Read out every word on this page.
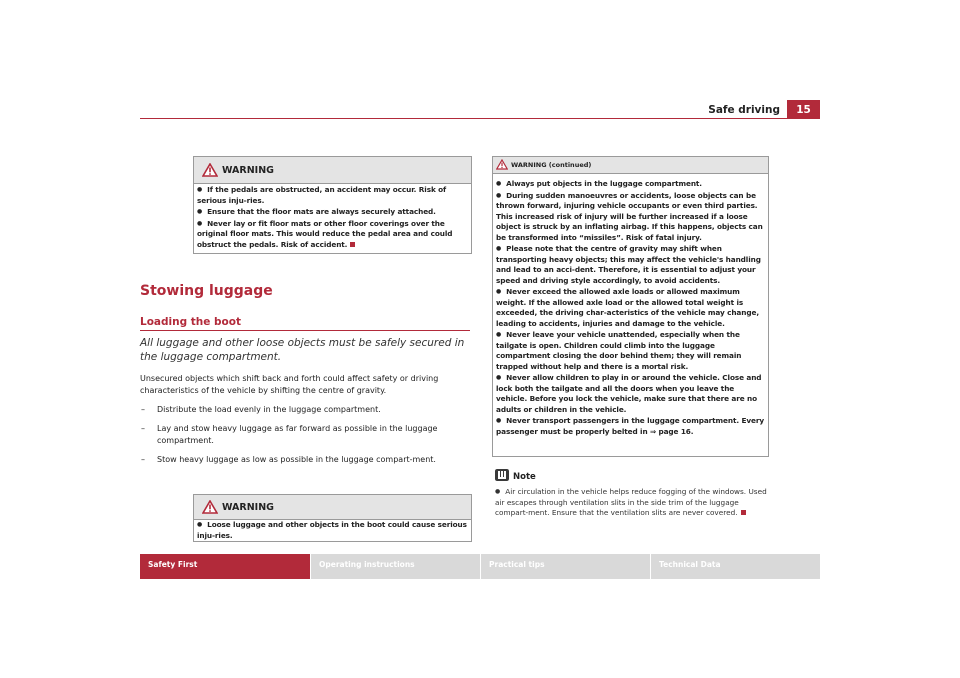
Safe driving	15
WARNING

● If the pedals are obstructed, an accident may occur. Risk of serious inju-ries.

● Ensure that the floor mats are always securely attached.

● Never lay or fit floor mats or other floor coverings over the original floor mats. This would reduce the pedal area and could obstruct the pedals. Risk of accident.

Stowing luggage
Loading the boot
All luggage and other loose objects must be safely secured in the luggage compartment.
Unsecured objects which shift back and forth could affect safety or driving characteristics of the vehicle by shifting the centre of gravity.
– Distribute the load evenly in the luggage compartment.
– Lay and stow heavy luggage as far forward as possible in the luggage compartment.
– Stow heavy luggage as low as possible in the luggage compart-ment.
WARNING

● Loose luggage and other objects in the boot could cause serious inju-ries.

WARNING (continued)

● Always put objects in the luggage compartment.

● During sudden manoeuvres or accidents, loose objects can be thrown forward, injuring vehicle occupants or even third parties. This increased risk of injury will be further increased if a loose object is struck by an inflating airbag. If this happens, objects can be transformed into “missiles”. Risk of fatal injury.

● Please note that the centre of gravity may shift when transporting heavy objects; this may affect the vehicle's handling and lead to an acci-dent. Therefore, it is essential to adjust your speed and driving style accordingly, to avoid accidents.

● Never exceed the allowed axle loads or allowed maximum weight. If the allowed axle load or the allowed total weight is exceeded, the driving char-acteristics of the vehicle may change, leading to accidents, injuries and damage to the vehicle.

● Never leave your vehicle unattended, especially when the tailgate is open. Children could climb into the luggage compartment closing the door behind them; they will remain trapped without help and there is a mortal risk.

● Never allow children to play in or around the vehicle. Close and lock both the tailgate and all the doors when you leave the vehicle. Before you lock the vehicle, make sure that there are no adults or children in the vehicle.

● Never transport passengers in the luggage compartment. Every passenger must be properly belted in ⇒ page 16.

Note
● Air circulation in the vehicle helps reduce fogging of the windows. Used air escapes through ventilation slits in the side trim of the luggage compart-ment. Ensure that the ventilation slits are never covered.
Safety First	Operating instructions	Practical tips	Technical Data
